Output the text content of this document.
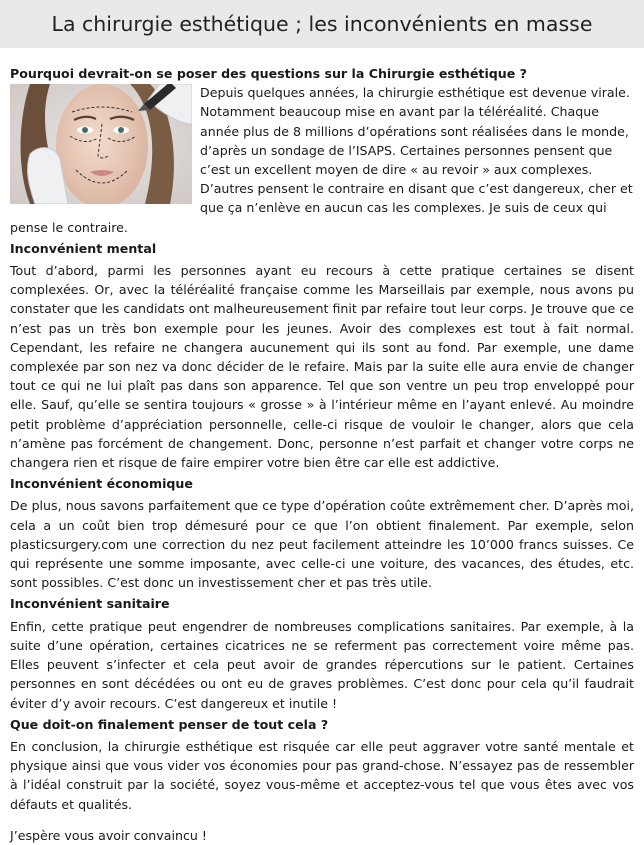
La chirurgie esthétique ; les inconvénients en masse
Pourquoi devrait-on se poser des questions sur la Chirurgie esthétique ?

Depuis quelques années, la chirurgie esthétique est devenue virale. Notamment beaucoup mise en avant par la téléréalité. Chaque année plus de 8 millions d’opérations sont réalisées dans le monde, d’après un sondage de l’ISAPS. Certaines personnes pensent que c’est un excellent moyen de dire « au revoir » aux complexes. D’autres pensent le contraire en disant que c’est dangereux, cher et que ça n’enlève en aucun cas les complexes. Je suis de ceux qui pense le contraire.

Inconvénient mental

Tout d’abord, parmi les personnes ayant eu recours à cette pratique certaines se disent complexées. Or, avec la téléréalité française comme les Marseillais par exemple, nous avons pu constater que les candidats ont malheureusement finit par refaire tout leur corps. Je trouve que ce n’est pas un très bon exemple pour les jeunes. Avoir des complexes est tout à fait normal. Cependant, les refaire ne changera aucunement qui ils sont au fond. Par exemple, une dame complexée par son nez va donc décider de le refaire. Mais par la suite elle aura envie de changer tout ce qui ne lui plaît pas dans son apparence. Tel que son ventre un peu trop enveloppé pour elle. Sauf, qu’elle se sentira toujours « grosse » à l’intérieur même en l’ayant enlevé. Au moindre petit problème d’appréciation personnelle, celle-ci risque de vouloir le changer, alors que cela n’amène pas forcément de changement. Donc, personne n’est parfait et changer votre corps ne changera rien et risque de faire empirer votre bien être car elle est addictive.

Inconvénient économique

De plus, nous savons parfaitement que ce type d’opération coûte extrêmement cher. D’après moi, cela a un coût bien trop démesuré pour ce que l’on obtient finalement. Par exemple, selon plasticsurgery.com une correction du nez peut facilement atteindre les 10’000 francs suisses. Ce qui représente une somme imposante, avec celle-ci une voiture, des vacances, des études, etc. sont possibles. C’est donc un investissement cher et pas très utile.

Inconvénient sanitaire

Enfin, cette pratique peut engendrer de nombreuses complications sanitaires. Par exemple, à la suite d’une opération, certaines cicatrices ne se referment pas correctement voire même pas. Elles peuvent s’infecter et cela peut avoir de grandes répercutions sur le patient. Certaines personnes en sont décédées ou ont eu de graves problèmes. C’est donc pour cela qu’il faudrait éviter d’y avoir recours. C’est dangereux et inutile !

Que doit-on finalement penser de tout cela ?

En conclusion, la chirurgie esthétique est risquée car elle peut aggraver votre santé mentale et physique ainsi que vous vider vos économies pour pas grand-chose. N’essayez pas de ressembler à l’idéal construit par la société, soyez vous-même et acceptez-vous tel que vous êtes avec vos défauts et qualités.

J’espère vous avoir convaincu !
